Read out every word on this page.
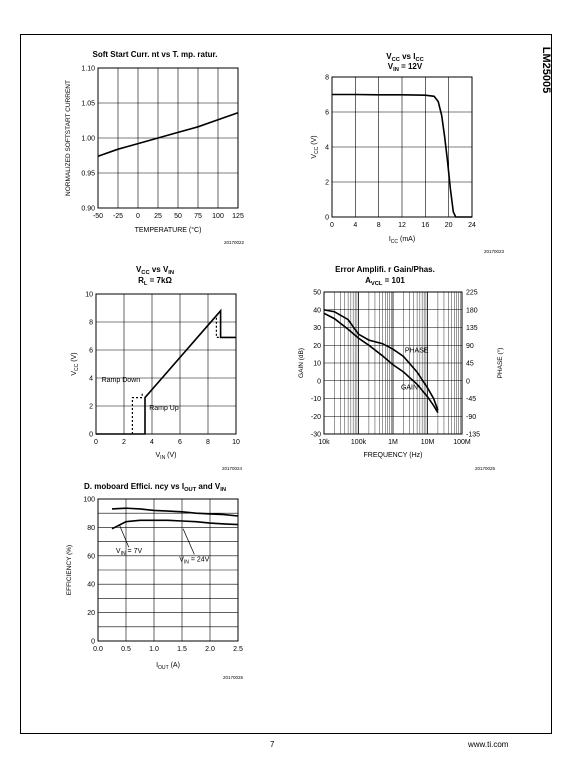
LM25005
Soft Start Curr. nt vs T. mp. ratur.
-50 -25 0 25 50 75 100 125
0.90
0.95
1.00
1.05
1.10
TEMPERATURE (°C)
NORMALIZED SOFTSTART CURRENT
20170022
$V_{CC}$ vs $I_{CC}$
$V_{IN} = 12V$
0	4	8 12 16 20 24
0
2
4
6
8
$I_{CC}$ (mA)
$V_{CC}$ (V)
20170023
$V_{CC}$ vs $V_{IN}$
$R_L = 7k\Omega$
0	2	4	6	8	10
0
2
4
6
8
10
Ramp Down
Ramp Up
$V_{IN}$ (V)
$V_{CC}$ (V)
20170024
Error Amplifi. r Gain/Phas.
$A_{VCL} = 101$
10k	100k	1M	10M	100M
-30
-20
-10
0
10
20
30
40
50
-135
-90
-45
0
45
90
135
180
225
PHASE
GAIN
FREQUENCY (Hz)
GAIN (dB)	PHASE (°)
20170025
D. moboard Effici. ncy vs $I_{OUT}$ and $V_{IN}$
0.0	0.5	1.0	1.5	2.0	2.5
0
20
40
60
80
100
$V_{IN} = 7V$
$V_{IN} = 24V$
$I_{OUT}$ (A)
EFFICIENCY (%)
20170026
7	www.ti.com
